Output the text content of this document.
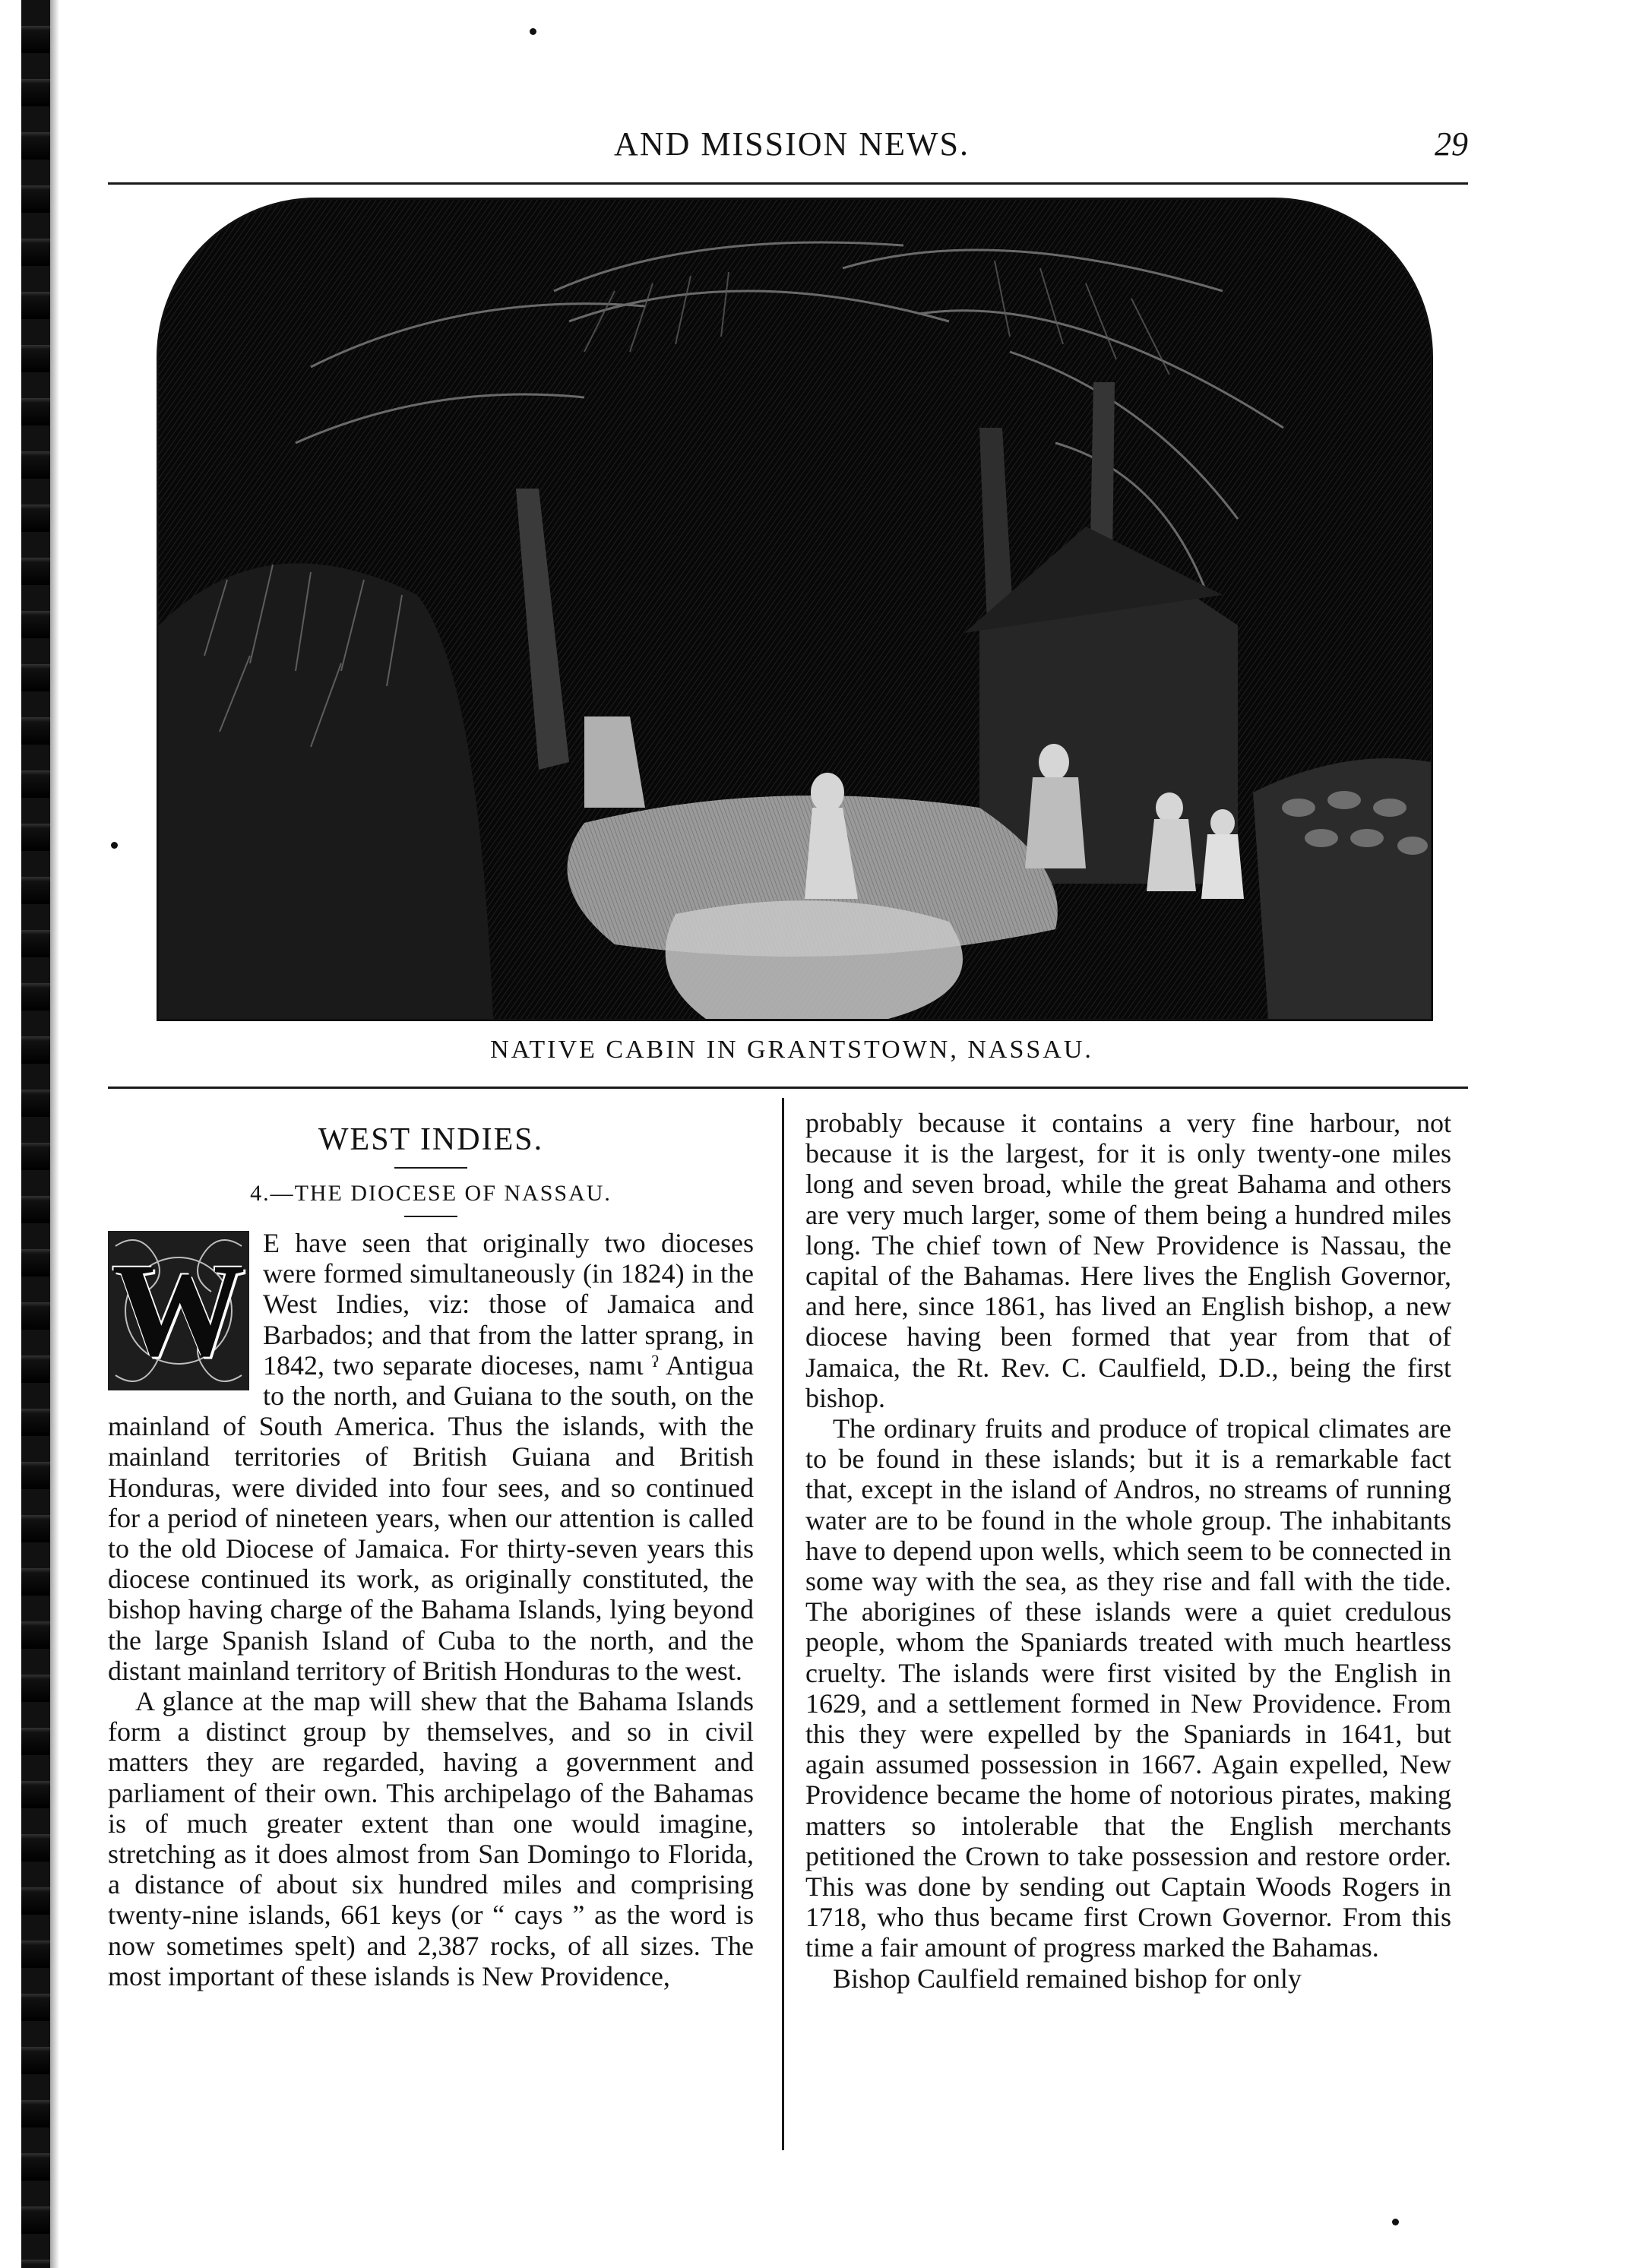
AND MISSION NEWS.	29
NATIVE CABIN IN GRANTSTOWN, NASSAU.
WEST INDIES.
4.—THE DIOCESE OF NASSAU.
W E have seen that originally two dioceses were formed simultaneously (in 1824) in the West Indies, viz: those of Jamaica and Barbados; and that from the latter sprang, in 1842, two separate dioceses, namɩ ˀ Antigua to the north, and Guiana to the south, on the mainland of South America. Thus the islands, with the mainland territories of British Guiana and British Honduras, were divided into four sees, and so continued for a period of nineteen years, when our attention is called to the old Diocese of Jamaica. For thirty-seven years this diocese continued its work, as originally constituted, the bishop having charge of the Bahama Islands, lying beyond the large Spanish Island of Cuba to the north, and the distant mainland territory of British Honduras to the west.

A glance at the map will shew that the Bahama Islands form a distinct group by themselves, and so in civil matters they are regarded, having a government and parliament of their own. This archipelago of the Bahamas is of much greater extent than one would imagine, stretching as it does almost from San Domingo to Florida, a distance of about six hundred miles and comprising twenty-nine islands, 661 keys (or “ cays ” as the word is now sometimes spelt) and 2,387 rocks, of all sizes. The most important of these islands is New Providence,

probably because it contains a very fine harbour, not because it is the largest, for it is only twenty-one miles long and seven broad, while the great Bahama and others are very much larger, some of them being a hundred miles long. The chief town of New Providence is Nassau, the capital of the Bahamas. Here lives the English Governor, and here, since 1861, has lived an English bishop, a new diocese having been formed that year from that of Jamaica, the Rt. Rev. C. Caulfield, D.D., being the first bishop.

The ordinary fruits and produce of tropical climates are to be found in these islands; but it is a remarkable fact that, except in the island of Andros, no streams of running water are to be found in the whole group. The inhabitants have to depend upon wells, which seem to be connected in some way with the sea, as they rise and fall with the tide. The aborigines of these islands were a quiet credulous people, whom the Spaniards treated with much heartless cruelty. The islands were first visited by the English in 1629, and a settlement formed in New Providence. From this they were expelled by the Spaniards in 1641, but again assumed possession in 1667. Again expelled, New Providence became the home of notorious pirates, making matters so intolerable that the English merchants petitioned the Crown to take possession and restore order. This was done by sending out Captain Woods Rogers in 1718, who thus became first Crown Governor. From this time a fair amount of progress marked the Bahamas.

Bishop Caulfield remained bishop for only
